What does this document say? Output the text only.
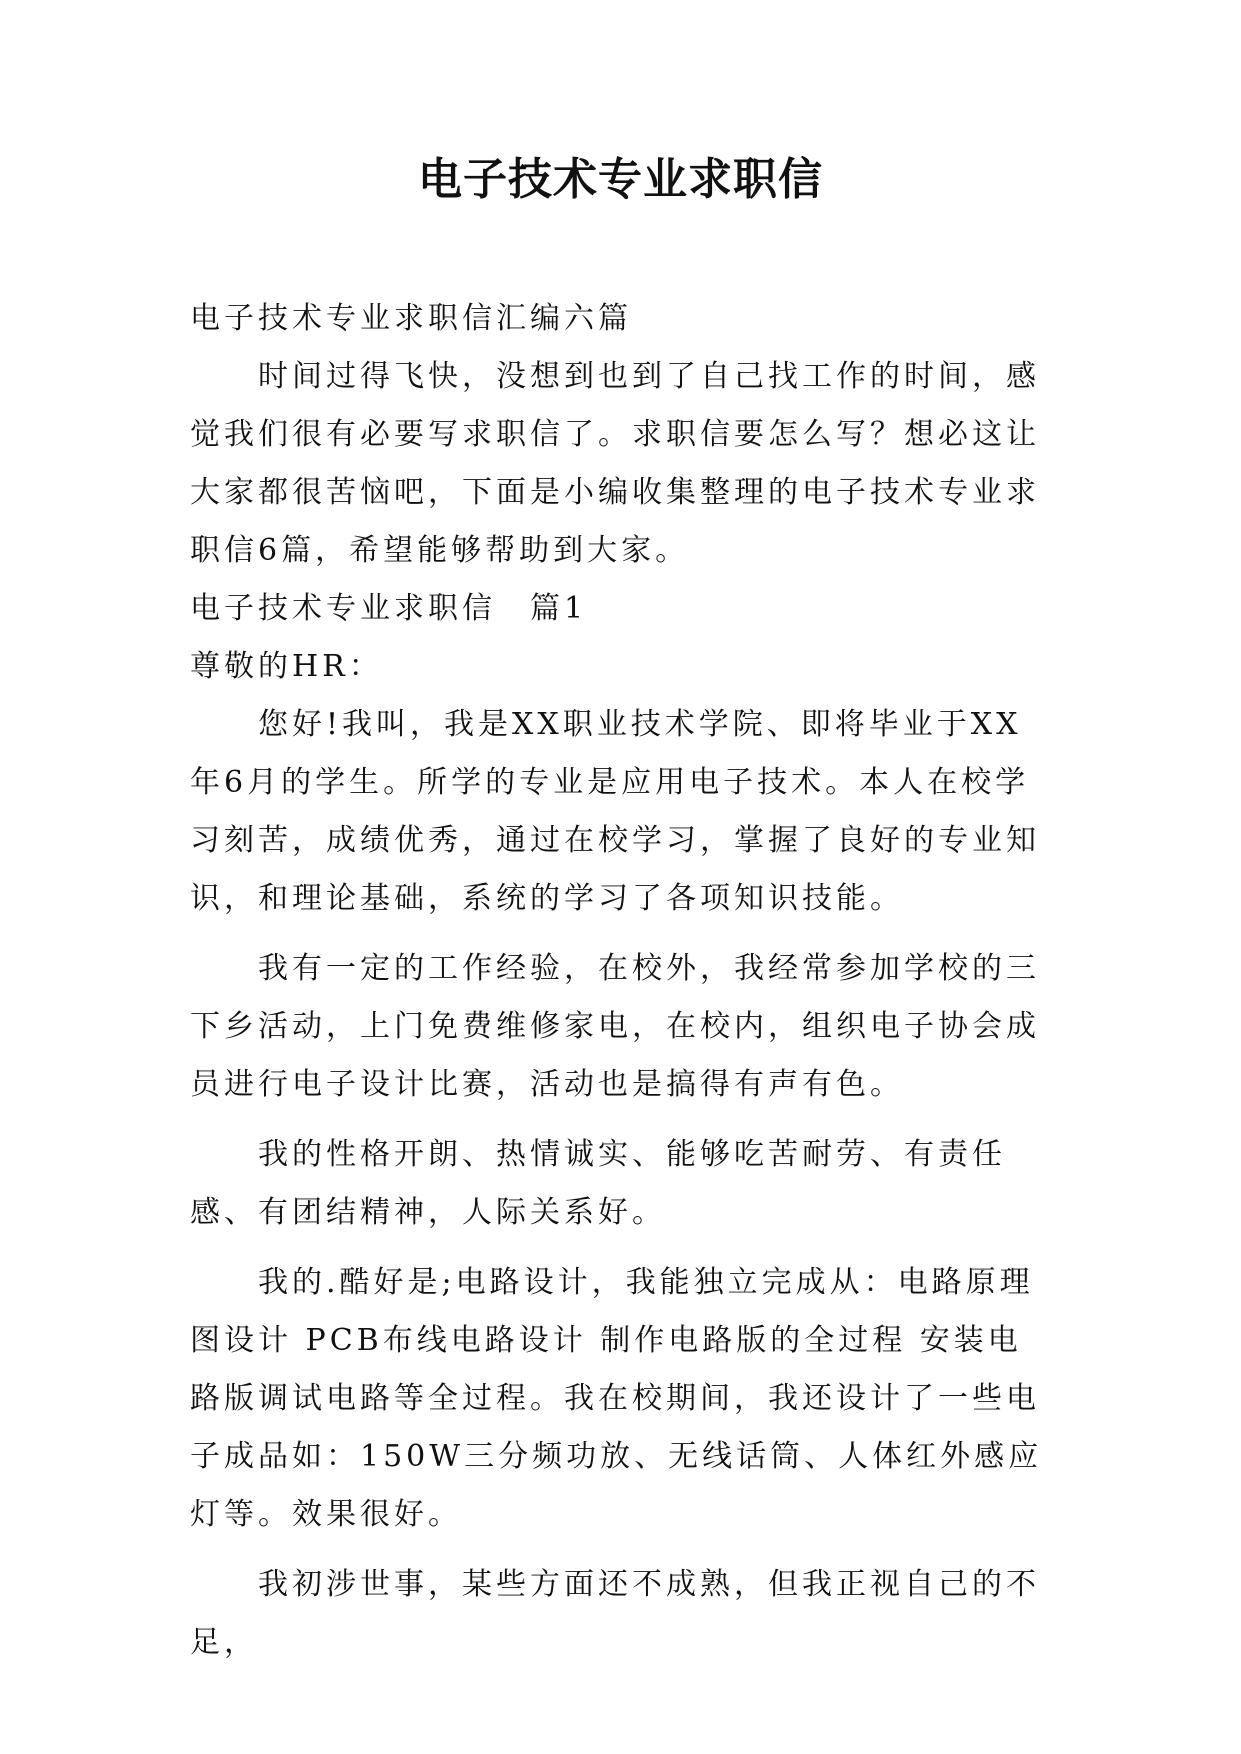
电子技术专业求职信

电子技术专业求职信汇编六篇

时间过得飞快，没想到也到了自己找工作的时间，感觉我们很有必要写求职信了。求职信要怎么写？想必这让大家都很苦恼吧，下面是小编收集整理的电子技术专业求职信6篇，希望能够帮助到大家。

电子技术专业求职信　篇1

尊敬的HR：

您好!我叫，我是XX职业技术学院、即将毕业于XX年6月的学生。所学的专业是应用电子技术。本人在校学习刻苦，成绩优秀，通过在校学习，掌握了良好的专业知识，和理论基础，系统的学习了各项知识技能。

我有一定的工作经验，在校外，我经常参加学校的三下乡活动，上门免费维修家电，在校内，组织电子协会成员进行电子设计比赛，活动也是搞得有声有色。

我的性格开朗、热情诚实、能够吃苦耐劳、有责任感、有团结精神，人际关系好。

我的.酷好是;电路设计，我能独立完成从：电路原理图设计 PCB布线电路设计 制作电路版的全过程 安装电路版调试电路等全过程。我在校期间，我还设计了一些电子成品如：150W三分频功放、无线话筒、人体红外感应灯等。效果很好。

我初涉世事，某些方面还不成熟，但我正视自己的不足，
